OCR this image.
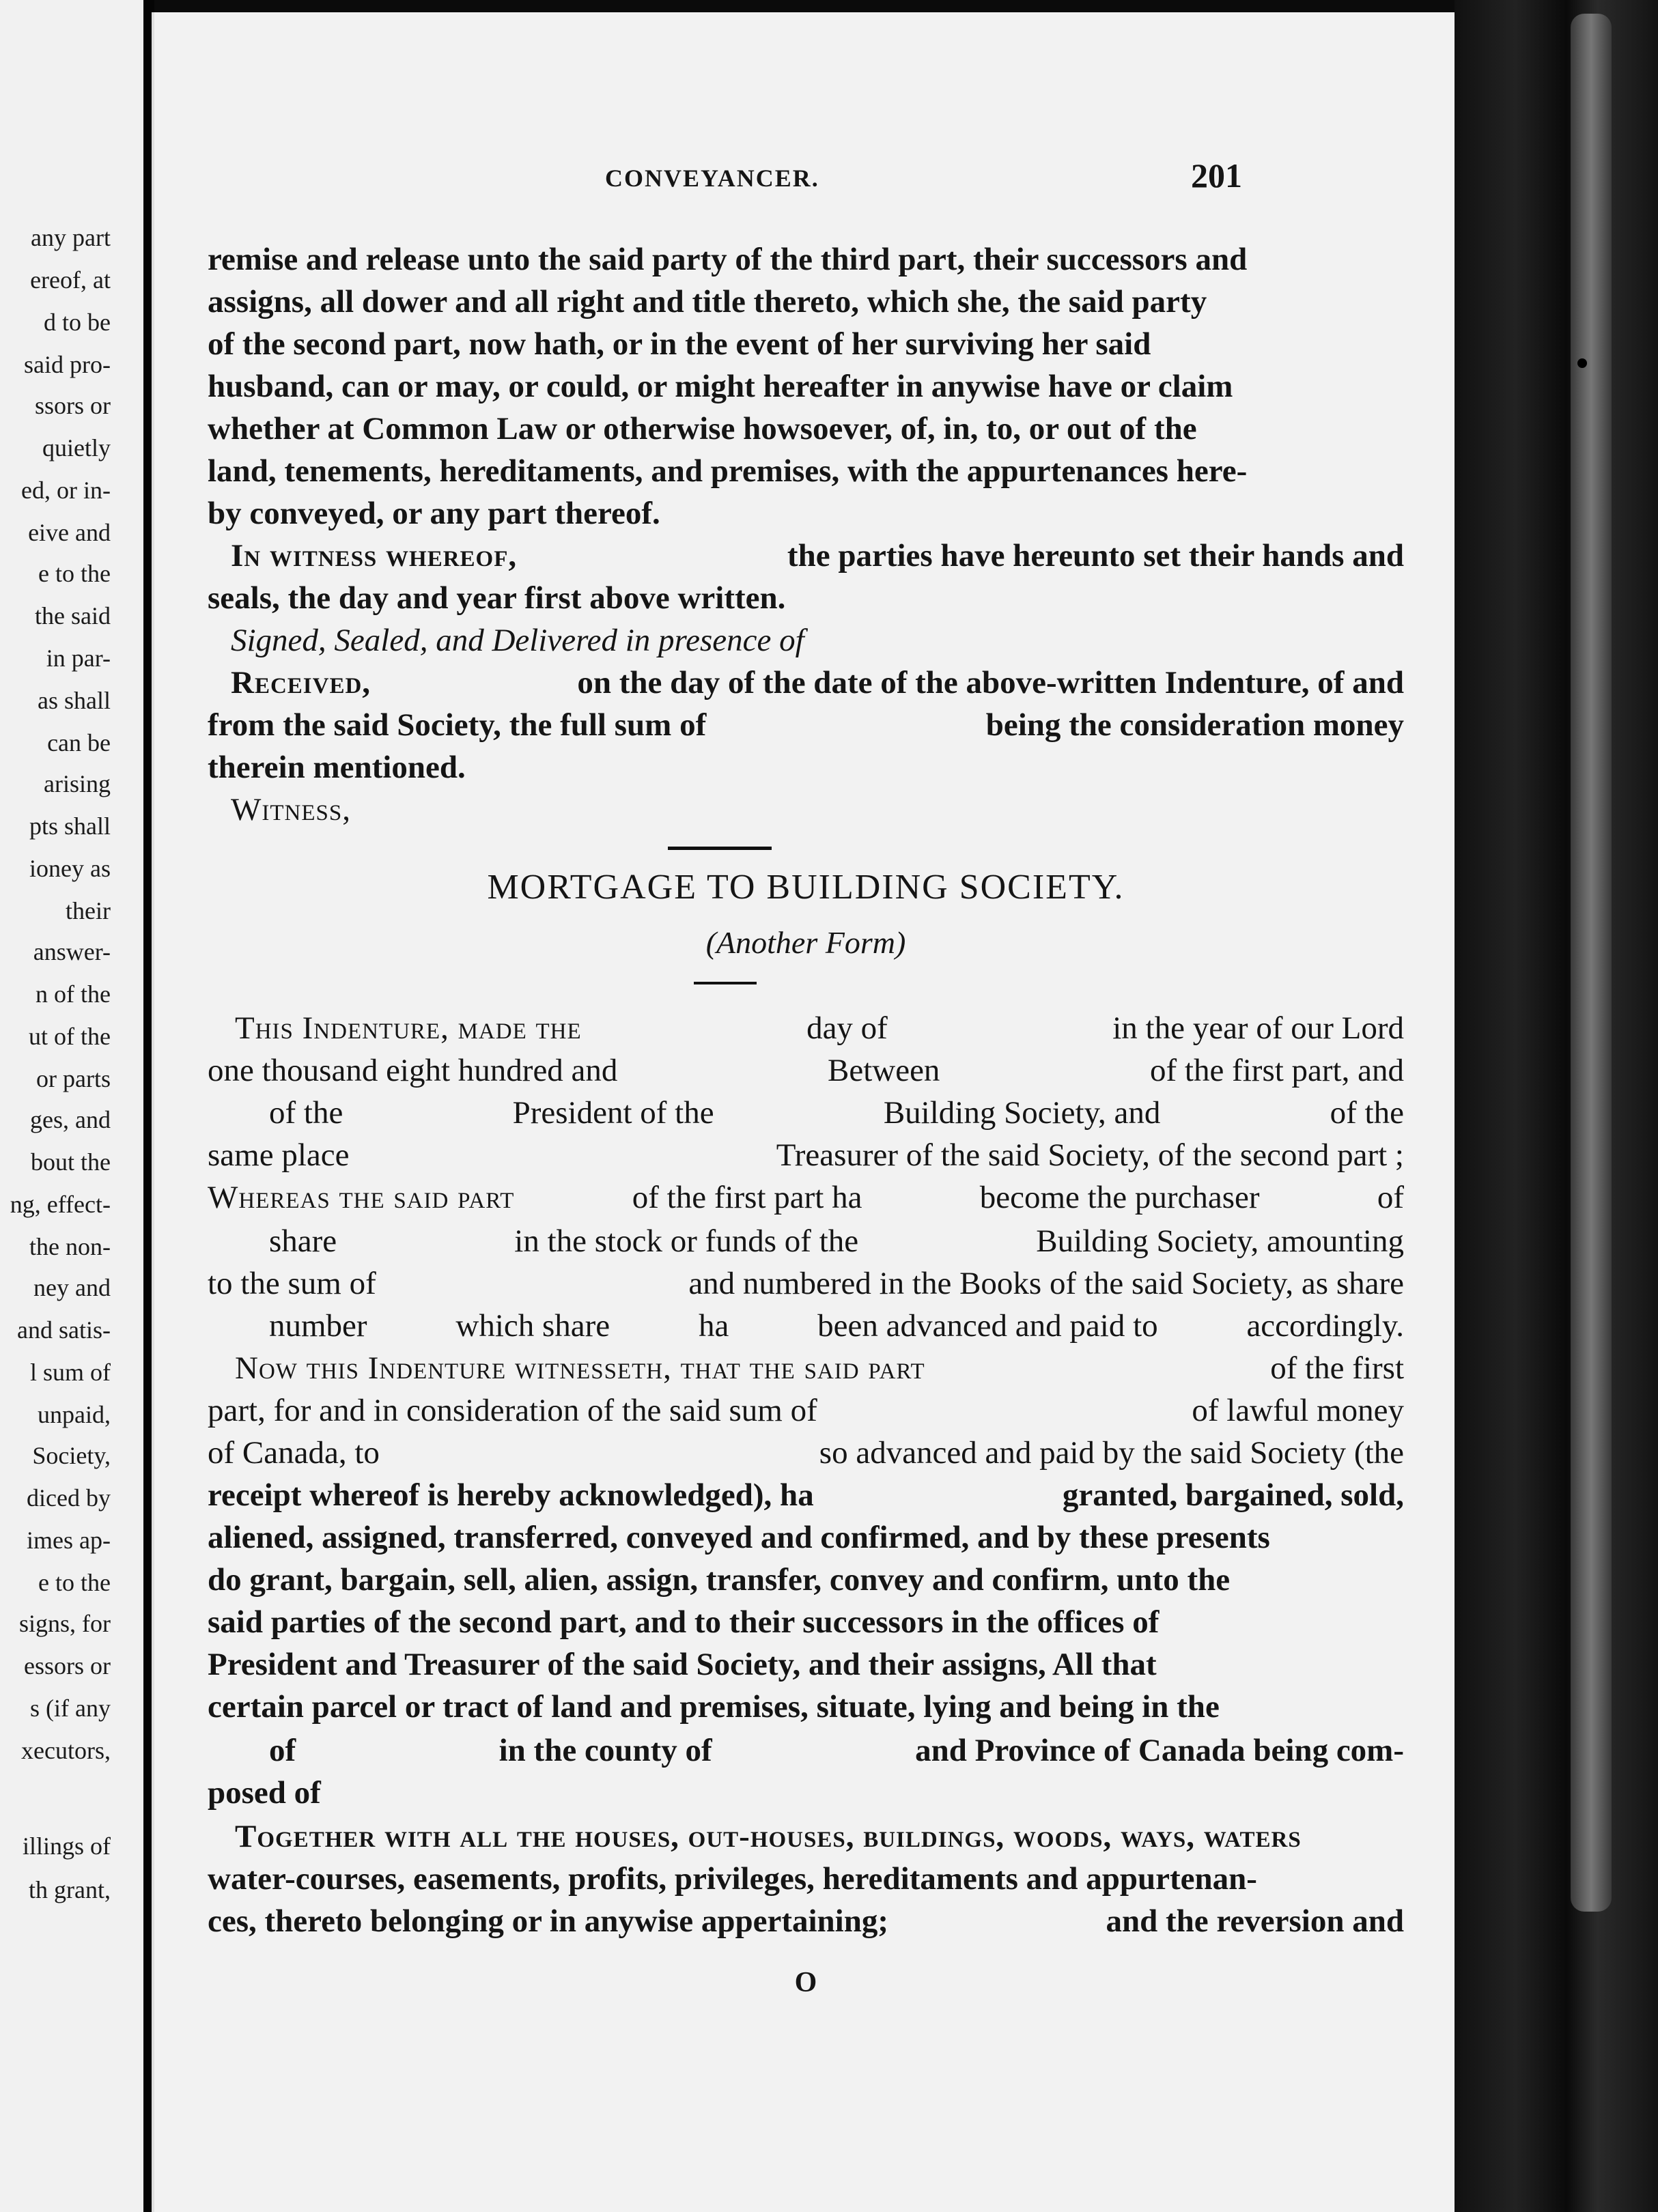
any part
ereof, at
d to be
said pro-
ssors or
quietly
ed, or in-
eive and
e to the
the said
in par-
as shall
can be
arising
pts shall
ioney as
their
answer-
n of the
ut of the
or parts
ges, and
bout the
ng, effect-
the non-
ney and
and satis-
l sum of
unpaid,
Society,
diced by
imes ap-
e to the
signs, for
essors or
s (if any
xecutors,
illings of
th grant,
CONVEYANCER.	201
remise and release unto the said party of the third part, their successors and
assigns, all dower and all right and title thereto, which she, the said party
of the second part, now hath, or in the event of her surviving her said
husband, can or may, or could, or might hereafter in anywise have or claim
whether at Common Law or otherwise howsoever, of, in, to, or out of the
land, tenements, hereditaments, and premises, with the appurtenances here-
by conveyed, or any part thereof.
In witness whereof,	the parties have hereunto set their hands and
seals, the day and year first above written.
Signed, Sealed, and Delivered in presence of
Received,	on the day of the date of the above-written Indenture, of and
from the said Society, the full sum of	being the consideration money
therein mentioned.
Witness,
MORTGAGE TO BUILDING SOCIETY.
(Another Form)
This Indenture, made the	day of	in the year of our Lord
one thousand eight hundred and	Between	of the first part, and
of the	President of the	Building Society, and	of the
same place	Treasurer of the said Society, of the second part ;
Whereas the said part	of the first part ha	become the purchaser	of
share	in the stock or funds of the	Building Society, amounting
to the sum of	and numbered in the Books of the said Society, as share
number	which share	ha	been advanced and paid to	accordingly.
Now this Indenture witnesseth, that the said part	of the first
part, for and in consideration of the said sum of	of lawful money
of Canada, to	so advanced and paid by the said Society (the
receipt whereof is hereby acknowledged), ha	granted, bargained, sold,
aliened, assigned, transferred, conveyed and confirmed, and by these presents
do grant, bargain, sell, alien, assign, transfer, convey and confirm, unto the
said parties of the second part, and to their successors in the offices of
President and Treasurer of the said Society, and their assigns, All that
certain parcel or tract of land and premises, situate, lying and being in the
of	in the county of	and Province of Canada being com-
posed of
Together with all the houses, out-houses, buildings, woods, ways, waters
water-courses, easements, profits, privileges, hereditaments and appurtenan-
ces, thereto belonging or in anywise appertaining;	and the reversion and
O
